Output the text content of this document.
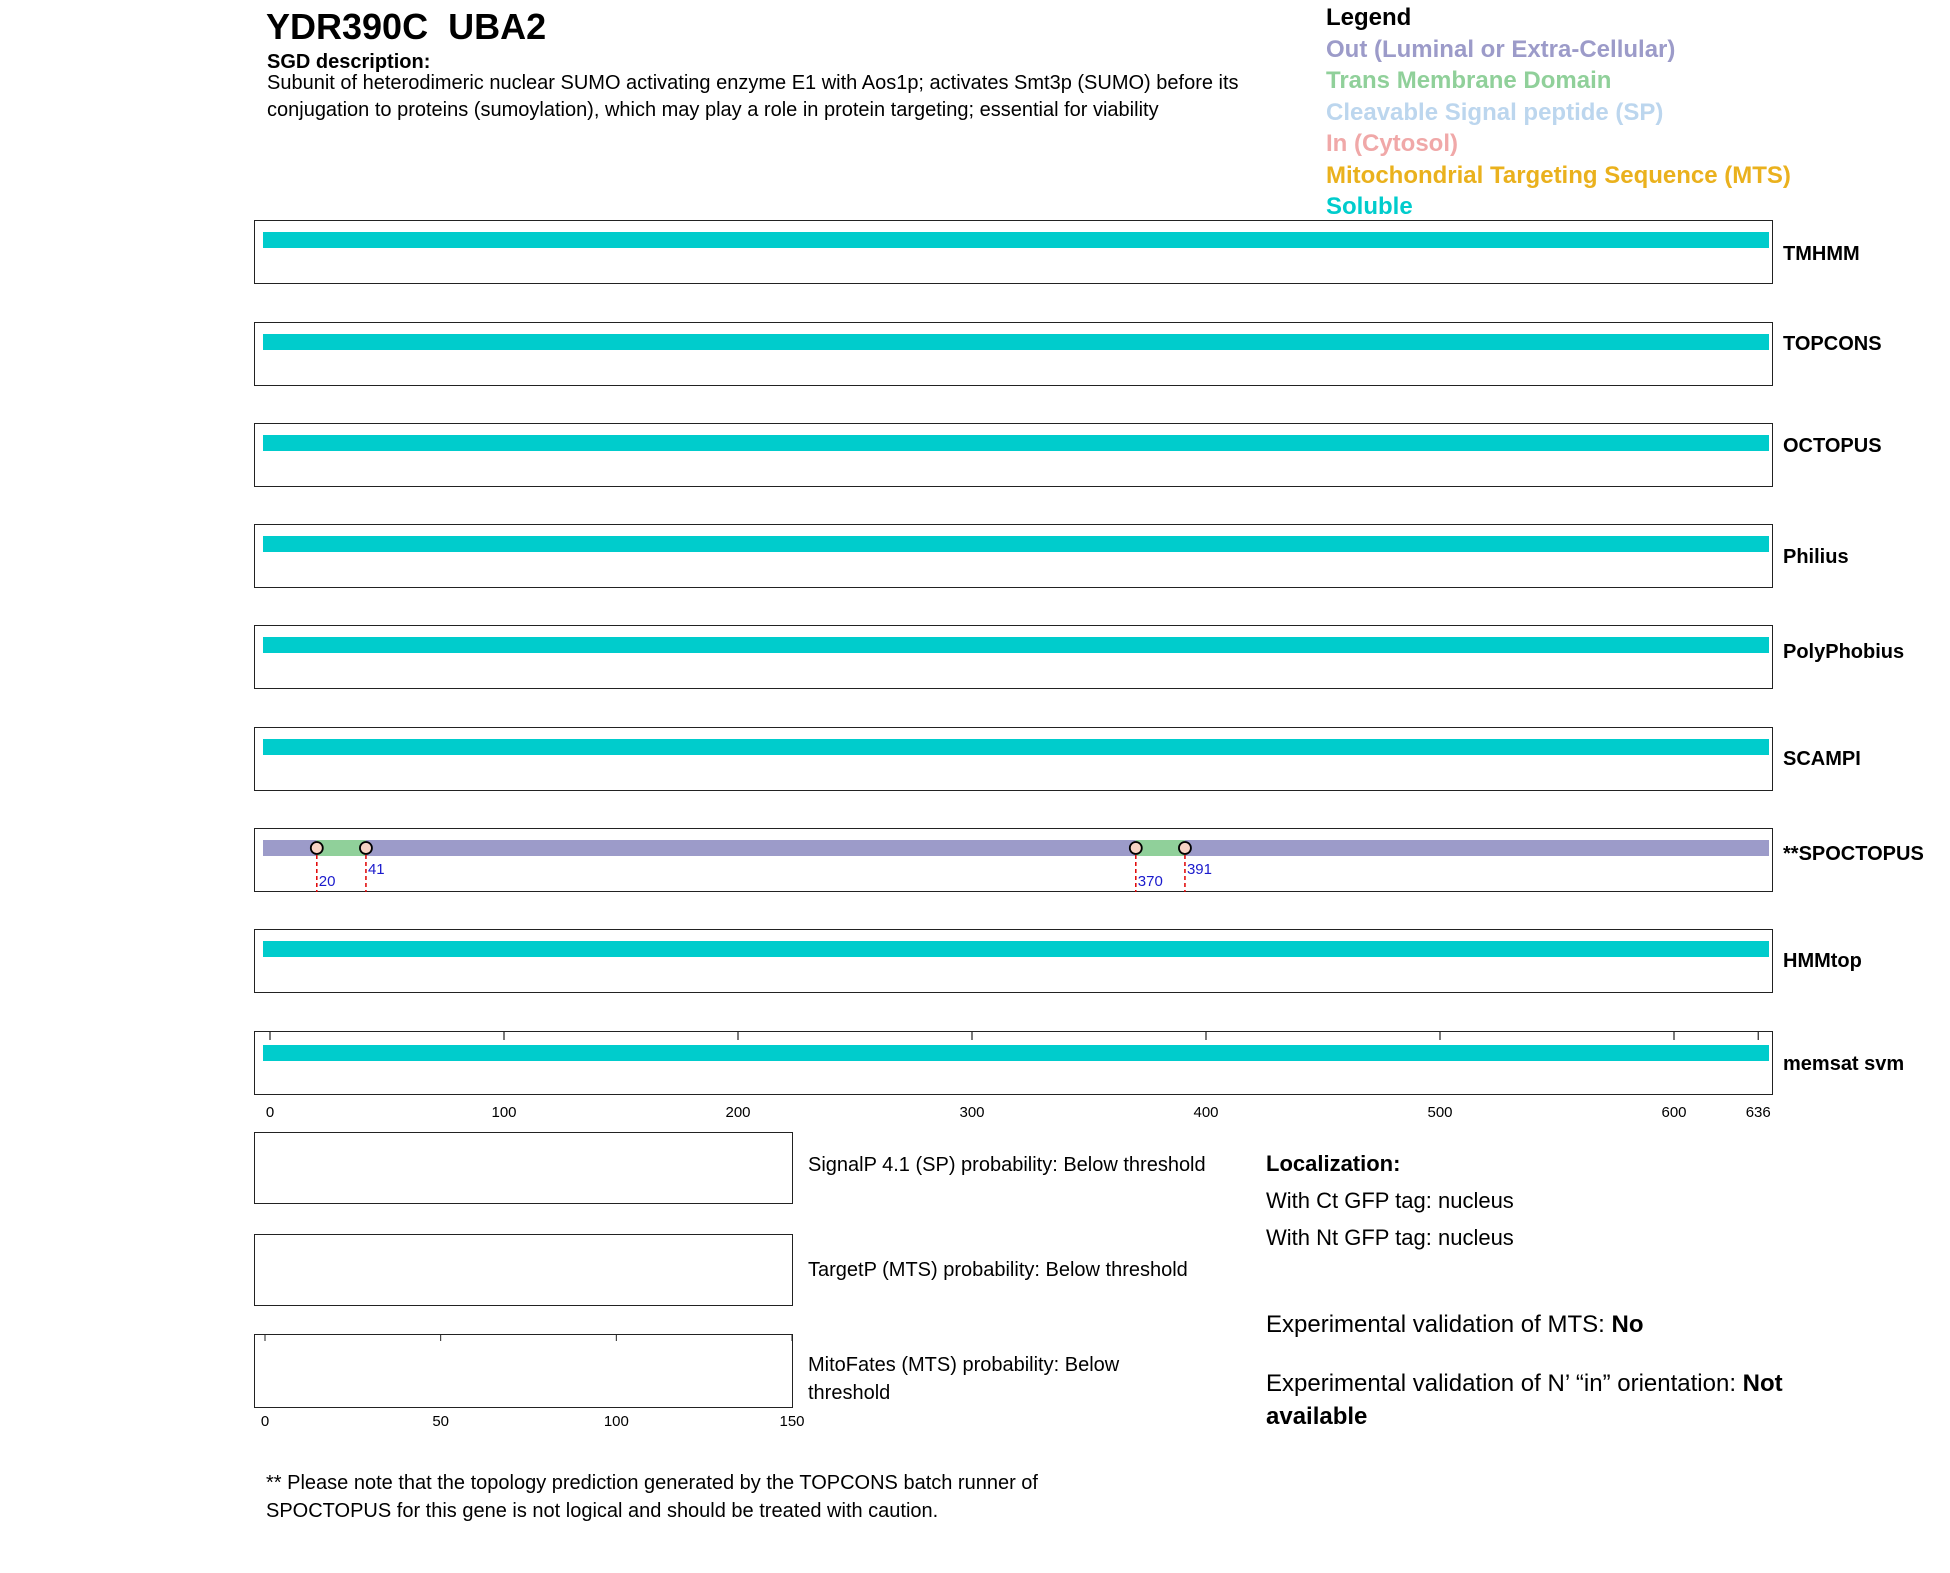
YDR390C  UBA2
SGD description:
Subunit of heterodimeric nuclear SUMO activating enzyme E1 with Aos1p; activates Smt3p (SUMO) before its conjugation to proteins (sumoylation), which may play a role in protein targeting; essential for viability
Legend
Out (Luminal or Extra-Cellular)
Trans Membrane Domain
Cleavable Signal peptide (SP)
In (Cytosol)
Mitochondrial Targeting Sequence (MTS)
Soluble
TMHMM
TOPCONS
OCTOPUS
Philius
PolyPhobius
SCAMPI
**SPOCTOPUS
20
41
370
391
HMMtop
memsat svm
0	100	200	300	400	500	600	636
SignalP 4.1 (SP) probability: Below threshold
TargetP (MTS) probability: Below threshold
MitoFates (MTS) probability: Below threshold
0	50	100	150
Localization:
With Ct GFP tag: nucleus
With Nt GFP tag: nucleus
Experimental validation of MTS: No
Experimental validation of N’ “in” orientation: Not available
** Please note that the topology prediction generated by the TOPCONS batch runner of SPOCTOPUS for this gene is not logical and should be treated with caution.
